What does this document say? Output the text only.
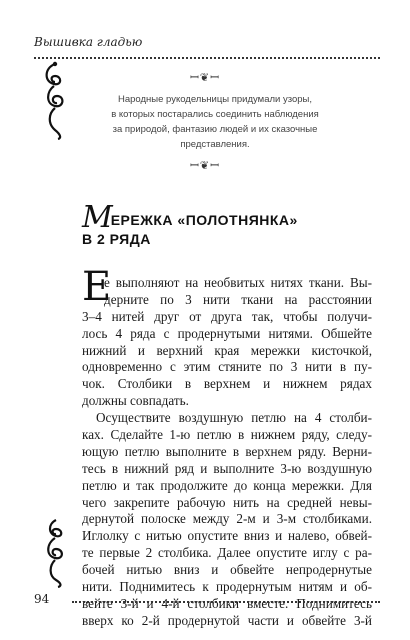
Вышивка гладью
ꟷ❦ꟷ
Народные рукодельницы придумали узоры,
в которых постарались соединить наблюдения
за природой, фантазию людей и их сказочные
представления.
ꟷ❦ꟷ
МЕРЕЖКА «ПОЛОТНЯНКА»
В 2 РЯДА
Е
е выполняют на необвитых нитях ткани. Вы-
дерните по 3 нити ткани на расстоянии
3–4 нитей друг от друга так, чтобы получи-
лось 4 ряда с продернутыми нитями. Обшейте
нижний и верхний края мережки кисточкой,
одновременно с этим стяните по 3 нити в пу-
чок. Столбики в верхнем и нижнем рядах
должны совпадать.
Осуществите воздушную петлю на 4 столби-
ках. Сделайте 1-ю петлю в нижнем ряду, следу-
ющую петлю выполните в верхнем ряду. Верни-
тесь в нижний ряд и выполните 3-ю воздушную
петлю и так продолжите до конца мережки. Для
чего закрепите рабочую нить на средней невы-
дернутой полоске между 2-м и 3-м столбиками.
Иглолку с нитью опустите вниз и налево, обвей-
те первые 2 столбика. Далее опустите иглу с ра-
бочей нитью вниз и обвейте непродернутые
нити. Поднимитесь к продернутым нитям и об-
вейте 3-й и 4-й столбики вместе. Поднимитесь
вверх ко 2-й продернутой части и обвейте 3-й
94
